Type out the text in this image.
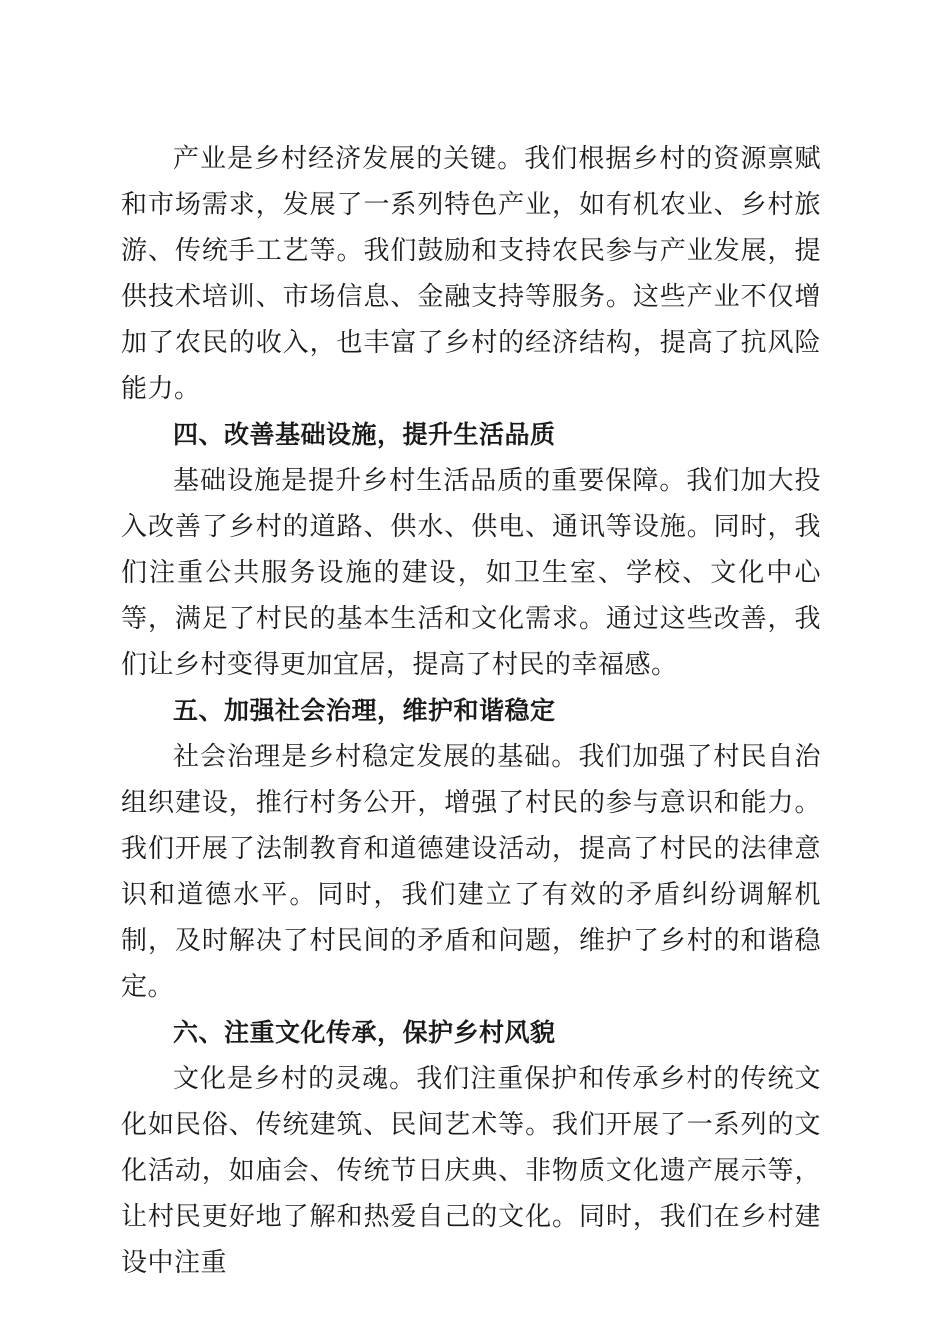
产业是乡村经济发展的关键。我们根据乡村的资源禀赋和市场需求，发展了一系列特色产业，如有机农业、乡村旅游、传统手工艺等。我们鼓励和支持农民参与产业发展，提供技术培训、市场信息、金融支持等服务。这些产业不仅增加了农民的收入，也丰富了乡村的经济结构，提高了抗风险能力。

四、改善基础设施，提升生活品质

基础设施是提升乡村生活品质的重要保障。我们加大投入改善了乡村的道路、供水、供电、通讯等设施。同时，我们注重公共服务设施的建设，如卫生室、学校、文化中心等，满足了村民的基本生活和文化需求。通过这些改善，我们让乡村变得更加宜居，提高了村民的幸福感。

五、加强社会治理，维护和谐稳定

社会治理是乡村稳定发展的基础。我们加强了村民自治组织建设，推行村务公开，增强了村民的参与意识和能力。我们开展了法制教育和道德建设活动，提高了村民的法律意识和道德水平。同时，我们建立了有效的矛盾纠纷调解机制，及时解决了村民间的矛盾和问题，维护了乡村的和谐稳定。

六、注重文化传承，保护乡村风貌

文化是乡村的灵魂。我们注重保护和传承乡村的传统文化如民俗、传统建筑、民间艺术等。我们开展了一系列的文化活动，如庙会、传统节日庆典、非物质文化遗产展示等，让村民更好地了解和热爱自己的文化。同时，我们在乡村建设中注重
